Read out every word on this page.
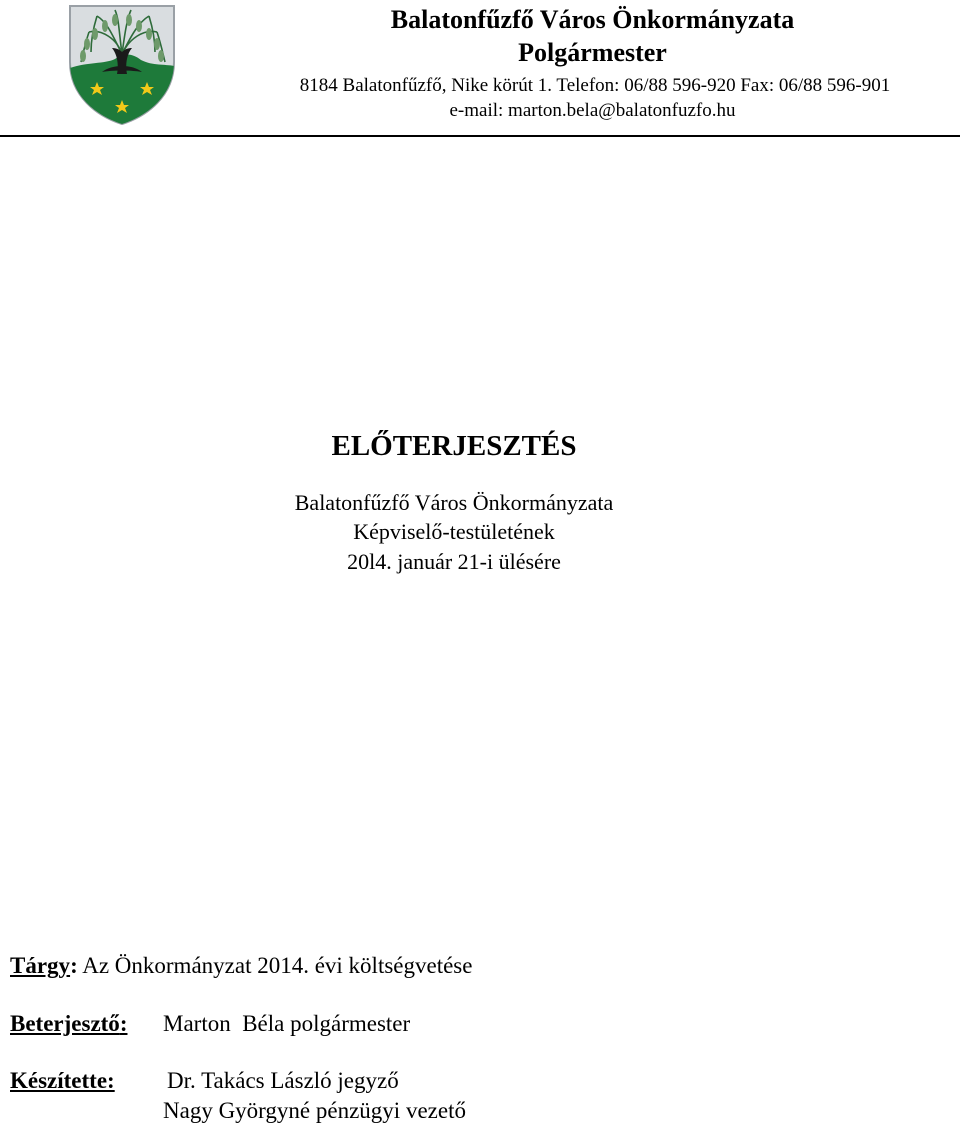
Balatonfűzfő Város Önkormányzata
Polgármester
8184 Balatonfűzfő, Nike körút 1. Telefon: 06/88 596-920 Fax: 06/88 596-901
e-mail: marton.bela@balatonfuzfo.hu
ELŐTERJESZTÉS
Balatonfűzfő Város Önkormányzata
Képviselő-testületének
20l4. január 21-i ülésére
Tárgy: Az Önkormányzat 2014. évi költségvetése
Beterjesztő: Marton  Béla polgármester
Készítette: Dr. Takács László jegyző
Nagy Györgyné pénzügyi vezető
